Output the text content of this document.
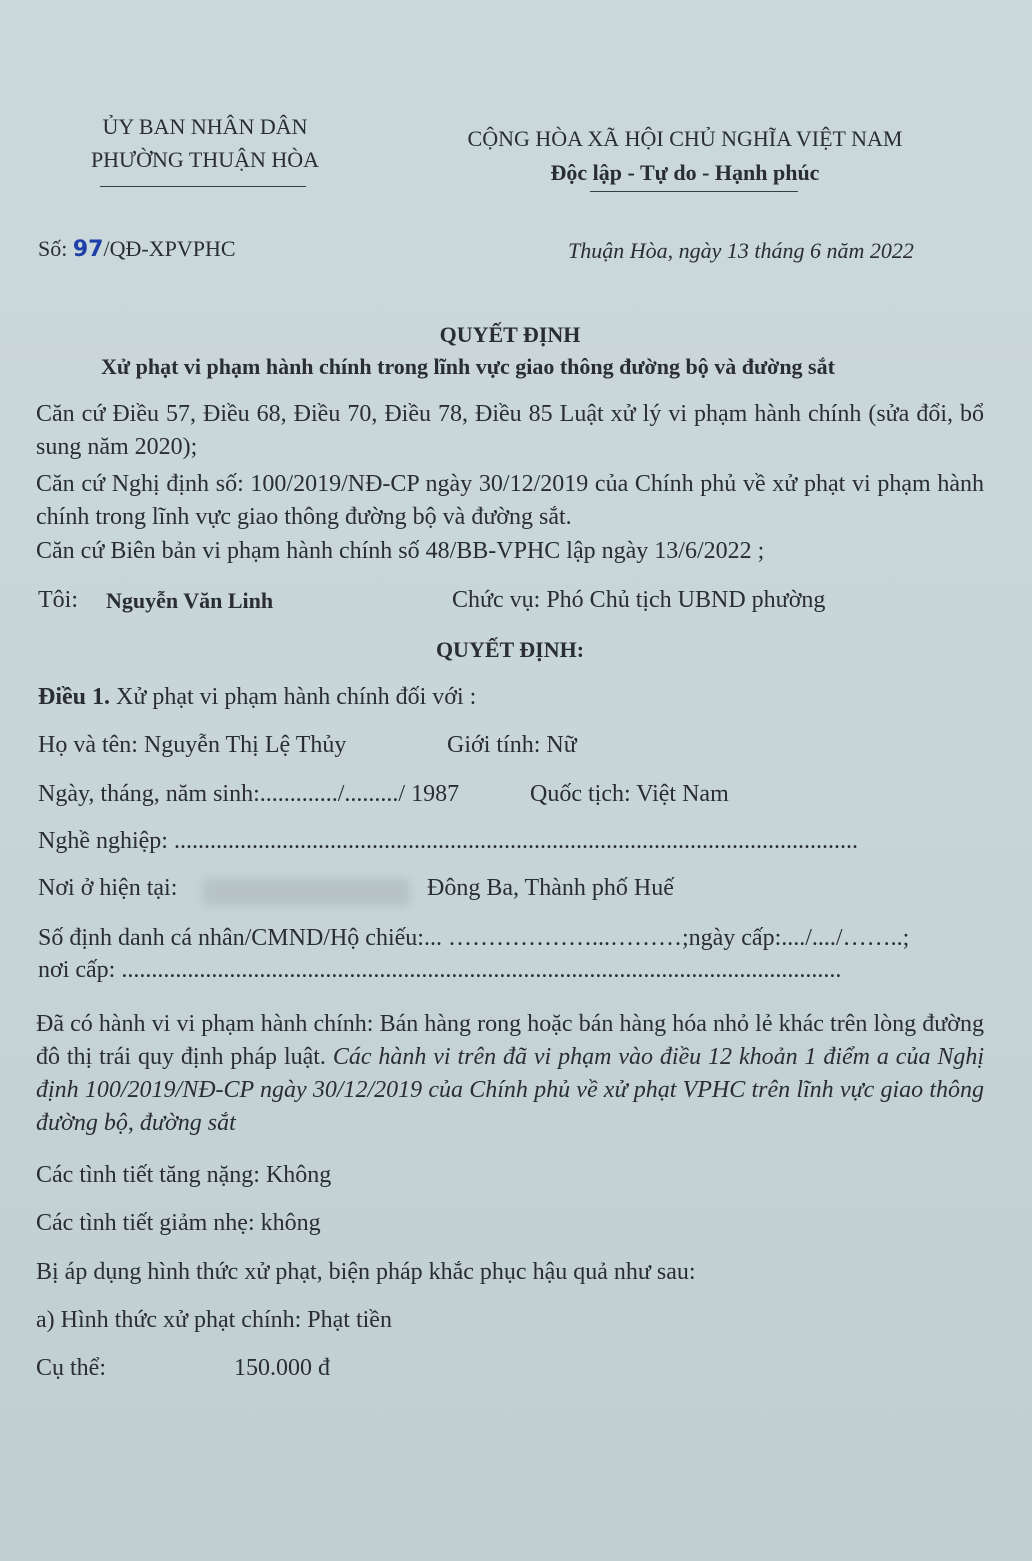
ỦY BAN NHÂN DÂN
PHƯỜNG THUẬN HÒA
CỘNG HÒA XÃ HỘI CHỦ NGHĨA VIỆT NAM
Độc lập - Tự do - Hạnh phúc
Số: 97/QĐ-XPVPHC	Thuận Hòa, ngày 13 tháng 6 năm 2022
QUYẾT ĐỊNH
Xử phạt vi phạm hành chính trong lĩnh vực giao thông đường bộ và đường sắt
Căn cứ Điều 57, Điều 68, Điều 70, Điều 78, Điều 85 Luật xử lý vi phạm hành chính (sửa đổi, bổ sung năm 2020);
Căn cứ Nghị định số: 100/2019/NĐ-CP ngày 30/12/2019 của Chính phủ về xử phạt vi phạm hành chính trong lĩnh vực giao thông đường bộ và đường sắt.
Căn cứ Biên bản vi phạm hành chính số 48/BB-VPHC lập ngày 13/6/2022 ;
Tôi: Nguyễn Văn Linh	Chức vụ: Phó Chủ tịch UBND phường
QUYẾT ĐỊNH:
Điều 1. Xử phạt vi phạm hành chính đối với :
Họ và tên: Nguyễn Thị Lệ Thủy	Giới tính: Nữ
Ngày, tháng, năm sinh:............./........./ 1987	Quốc tịch: Việt Nam
Nghề nghiệp: ..................................................................................................................
Nơi ở hiện tại:	Đông Ba, Thành phố Huế
Số định danh cá nhân/CMND/Hộ chiếu:... ………………...………;ngày cấp:..../..../……..;
nơi cấp: ........................................................................................................................
Đã có hành vi vi phạm hành chính: Bán hàng rong hoặc bán hàng hóa nhỏ lẻ khác trên lòng đường đô thị trái quy định pháp luật. Các hành vi trên đã vi phạm vào điều 12 khoản 1 điểm a của Nghị định 100/2019/NĐ-CP ngày 30/12/2019 của Chính phủ về xử phạt VPHC trên lĩnh vực giao thông đường bộ, đường sắt
Các tình tiết tăng nặng: Không
Các tình tiết giảm nhẹ: không
Bị áp dụng hình thức xử phạt, biện pháp khắc phục hậu quả như sau:
a) Hình thức xử phạt chính: Phạt tiền
Cụ thể:	150.000 đ
